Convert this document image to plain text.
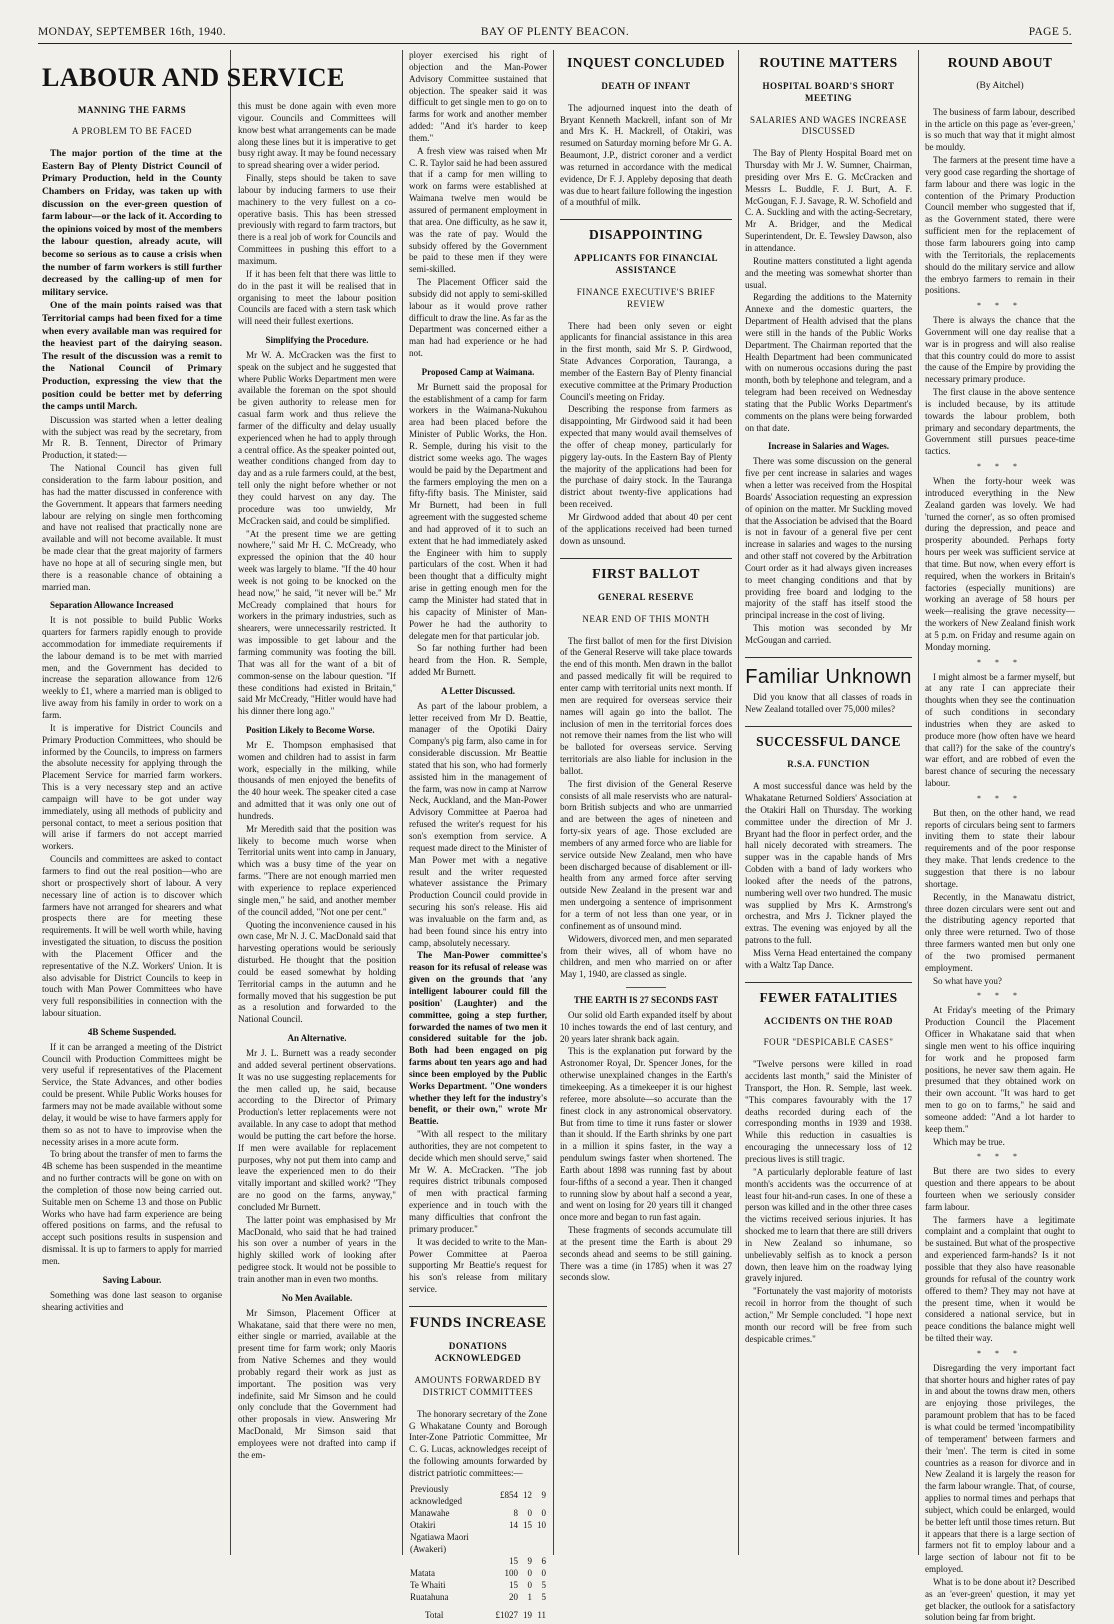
MONDAY, SEPTEMBER 16th, 1940.	BAY OF PLENTY BEACON.	PAGE 5.
LABOUR AND SERVICE
MANNING THE FARMS
A PROBLEM TO BE FACED

The major portion of the time at the Eastern Bay of Plenty District Council of Primary Production, held in the County Chambers on Friday, was taken up with discussion on the ever-green question of farm labour—or the lack of it. According to the opinions voiced by most of the members the labour question, already acute, will become so serious as to cause a crisis when the number of farm workers is still further decreased by the calling-up of men for military service.

One of the main points raised was that Territorial camps had been fixed for a time when every available man was required for the heaviest part of the dairying season. The result of the discussion was a remit to the National Council of Primary Production, expressing the view that the position could be better met by deferring the camps until March.

Discussion was started when a letter dealing with the subject was read by the secretary, from Mr R. B. Tennent, Director of Primary Production, it stated:—

The National Council has given full consideration to the farm labour position, and has had the matter discussed in conference with the Government. It appears that farmers needing labour are relying on single men forthcoming and have not realised that practically none are available and will not become available. It must be made clear that the great majority of farmers have no hope at all of securing single men, but there is a reasonable chance of obtaining a married man.

Separation Allowance Increased

It is not possible to build Public Works quarters for farmers rapidly enough to provide accommodation for immediate requirements if the labour demand is to be met with married men, and the Government has decided to increase the separation allowance from 12/6 weekly to £1, where a married man is obliged to live away from his family in order to work on a farm.

It is imperative for District Councils and Primary Production Committees, who should be informed by the Councils, to impress on farmers the absolute necessity for applying through the Placement Service for married farm workers. This is a very necessary step and an active campaign will have to be got under way immediately, using all methods of publicity and personal contact, to meet a serious position that will arise if farmers do not accept married workers.

Councils and committees are asked to contact farmers to find out the real position—who are short or prospectively short of labour. A very necessary line of action is to discover which farmers have not arranged for shearers and what prospects there are for meeting these requirements. It will be well worth while, having investigated the situation, to discuss the position with the Placement Officer and the representative of the N.Z. Workers' Union. It is also advisable for District Councils to keep in touch with Man Power Committees who have very full responsibilities in connection with the labour situation.

4B Scheme Suspended.

If it can be arranged a meeting of the District Council with Production Committees might be very useful if representatives of the Placement Service, the State Advances, and other bodies could be present. While Public Works houses for farmers may not be made available without some delay, it would be wise to have farmers apply for them so as not to have to improvise when the necessity arises in a more acute form.

To bring about the transfer of men to farms the 4B scheme has been suspended in the meantime and no further contracts will be gone on with on the completion of those now being carried out. Suitable men on Scheme 13 and those on Public Works who have had farm experience are being offered positions on farms, and the refusal to accept such positions results in suspension and dismissal. It is up to farmers to apply for married men.

Saving Labour.

Something was done last season to organise shearing activities and

this must be done again with even more vigour. Councils and Committees will know best what arrangements can be made along these lines but it is imperative to get busy right away. It may be found necessary to spread shearing over a wider period.

Finally, steps should be taken to save labour by inducing farmers to use their machinery to the very fullest on a co-operative basis. This has been stressed previously with regard to farm tractors, but there is a real job of work for Councils and Committees in pushing this effort to a maximum.

If it has been felt that there was little to do in the past it will be realised that in organising to meet the labour position Councils are faced with a stern task which will need their fullest exertions.

Simplifying the Procedure.

Mr W. A. McCracken was the first to speak on the subject and he suggested that where Public Works Department men were available the foreman on the spot should be given authority to release men for casual farm work and thus relieve the farmer of the difficulty and delay usually experienced when he had to apply through a central office. As the speaker pointed out, weather conditions changed from day to day and as a rule farmers could, at the best, tell only the night before whether or not they could harvest on any day. The procedure was too unwieldy, Mr McCracken said, and could be simplified.

"At the present time we are getting nowhere," said Mr H. C. McCready, who expressed the opinion that the 40 hour week was largely to blame. "If the 40 hour week is not going to be knocked on the head now," he said, "it never will be." Mr McCready complained that hours for workers in the primary industries, such as shearers, were unnecessarily restricted. It was impossible to get labour and the farming community was footing the bill. That was all for the want of a bit of common-sense on the labour question. "If these conditions had existed in Britain," said Mr McCready, "Hitler would have had his dinner there long ago."

Position Likely to Become Worse.

Mr E. Thompson emphasised that women and children had to assist in farm work, especially in the milking, while thousands of men enjoyed the benefits of the 40 hour week. The speaker cited a case and admitted that it was only one out of hundreds.

Mr Meredith said that the position was likely to become much worse when Territorial units went into camp in January, which was a busy time of the year on farms. "There are not enough married men with experience to replace experienced single men," he said, and another member of the council added, "Not one per cent."

Quoting the inconvenience caused in his own case, Mr N. J. C. MacDonald said that harvesting operations would be seriously disturbed. He thought that the position could be eased somewhat by holding Territorial camps in the autumn and he formally moved that his suggestion be put as a resolution and forwarded to the National Council.

An Alternative.

Mr J. L. Burnett was a ready seconder and added several pertinent observations. It was no use suggesting replacements for the men called up, he said, because according to the Director of Primary Production's letter replacements were not available. In any case to adopt that method would be putting the cart before the horse. If men were available for replacement purposes, why not put them into camp and leave the experienced men to do their vitally important and skilled work? "They are no good on the farms, anyway," concluded Mr Burnett.

The latter point was emphasised by Mr MacDonald, who said that he had trained his son over a number of years in the highly skilled work of looking after pedigree stock. It would not be possible to train another man in even two months.

No Men Available.

Mr Simson, Placement Officer at Whakatane, said that there were no men, either single or married, available at the present time for farm work; only Maoris from Native Schemes and they would probably regard their work as just as important. The position was very indefinite, said Mr Simson and he could only conclude that the Government had other proposals in view. Answering Mr MacDonald, Mr Simson said that employees were not drafted into camp if the em-

ployer exercised his right of objection and the Man-Power Advisory Committee sustained that objection. The speaker said it was difficult to get single men to go on to farms for work and another member added: "And it's harder to keep them."

A fresh view was raised when Mr C. R. Taylor said he had been assured that if a camp for men willing to work on farms were established at Waimana twelve men would be assured of permanent employment in that area. One difficulty, as he saw it, was the rate of pay. Would the subsidy offered by the Government be paid to these men if they were semi-skilled.

The Placement Officer said the subsidy did not apply to semi-skilled labour as it would prove rather difficult to draw the line. As far as the Department was concerned either a man had had experience or he had not.

Proposed Camp at Waimana.

Mr Burnett said the proposal for the establishment of a camp for farm workers in the Waimana-Nukuhou area had been placed before the Minister of Public Works, the Hon. R. Semple, during his visit to the district some weeks ago. The wages would be paid by the Department and the farmers employing the men on a fifty-fifty basis. The Minister, said Mr Burnett, had been in full agreement with the suggested scheme and had approved of it to such an extent that he had immediately asked the Engineer with him to supply particulars of the cost. When it had been thought that a difficulty might arise in getting enough men for the camp the Minister had stated that in his capacity of Minister of Man-Power he had the authority to delegate men for that particular job.

So far nothing further had been heard from the Hon. R. Semple, added Mr Burnett.

A Letter Discussed.

As part of the labour problem, a letter received from Mr D. Beattie, manager of the Opotiki Dairy Company's pig farm, also came in for considerable discussion. Mr Beattie stated that his son, who had formerly assisted him in the management of the farm, was now in camp at Narrow Neck, Auckland, and the Man-Power Advisory Committee at Paeroa had refused the writer's request for his son's exemption from service. A request made direct to the Minister of Man Power met with a negative result and the writer requested whatever assistance the Primary Production Council could provide in securing his son's release. His aid was invaluable on the farm and, as had been found since his entry into camp, absolutely necessary.

The Man-Power committee's reason for its refusal of release was given on the grounds that 'any intelligent labourer could fill the position' (Laughter) and the committee, going a step further, forwarded the names of two men it considered suitable for the job. Both had been engaged on pig farms about ten years ago and had since been employed by the Public Works Department. "One wonders whether they left for the industry's benefit, or their own," wrote Mr Beattie.

"With all respect to the military authorities, they are not competent to decide which men should serve," said Mr W. A. McCracken. "The job requires district tribunals composed of men with practical farming experience and in touch with the many difficulties that confront the primary producer."

It was decided to write to the Man-Power Committee at Paeroa supporting Mr Beattie's request for his son's release from military service.

FUNDS INCREASE
DONATIONS ACKNOWLEDGED
AMOUNTS FORWARDED BY DISTRICT COMMITTEES

The honorary secretary of the Zone G Whakatane County and Borough Inter-Zone Patriotic Committee, Mr C. G. Lucas, acknowledges receipt of the following amounts forwarded by district patriotic committees:—

Previously acknowledged	£854	12	9
Manawahe	8	0	0
Otakiri	14	15	10
Ngatiawa Maori (Awakeri)			
	15	9	6
Matata	100	0	0
Te Whaiti	15	0	5
Ruatahuna	20	1	5
Total	£1027	19	11
INQUEST CONCLUDED
DEATH OF INFANT

The adjourned inquest into the death of Bryant Kenneth Mackrell, infant son of Mr and Mrs K. H. Mackrell, of Otakiri, was resumed on Saturday morning before Mr G. A. Beaumont, J.P., district coroner and a verdict was returned in accordance with the medical evidence, Dr F. J. Appleby deposing that death was due to heart failure following the ingestion of a mouthful of milk.

DISAPPOINTING
APPLICANTS FOR FINANCIAL ASSISTANCE
FINANCE EXECUTIVE'S BRIEF REVIEW

There had been only seven or eight applicants for financial assistance in this area in the first month, said Mr S. P. Girdwood, State Advances Corporation, Tauranga, a member of the Eastern Bay of Plenty financial executive committee at the Primary Production Council's meeting on Friday.

Describing the response from farmers as disappointing, Mr Girdwood said it had been expected that many would avail themselves of the offer of cheap money, particularly for piggery lay-outs. In the Eastern Bay of Plenty the majority of the applications had been for the purchase of dairy stock. In the Tauranga district about twenty-five applications had been received.

Mr Girdwood added that about 40 per cent of the applications received had been turned down as unsound.

FIRST BALLOT
GENERAL RESERVE
NEAR END OF THIS MONTH

The first ballot of men for the first Division of the General Reserve will take place towards the end of this month. Men drawn in the ballot and passed medically fit will be required to enter camp with territorial units next month. If men are required for overseas service their names will again go into the ballot. The inclusion of men in the territorial forces does not remove their names from the list who will be balloted for overseas service. Serving territorials are also liable for inclusion in the ballot.

The first division of the General Reserve consists of all male reservists who are natural-born British subjects and who are unmarried and are between the ages of nineteen and forty-six years of age. Those excluded are members of any armed force who are liable for service outside New Zealand, men who have been discharged because of disablement or ill-health from any armed force after serving outside New Zealand in the present war and men undergoing a sentence of imprisonment for a term of not less than one year, or in confinement as of unsound mind.

Widowers, divorced men, and men separated from their wives, all of whom have no children, and men who married on or after May 1, 1940, are classed as single.

THE EARTH IS 27 SECONDS FAST

Our solid old Earth expanded itself by about 10 inches towards the end of last century, and 20 years later shrank back again.

This is the explanation put forward by the Astronomer Royal, Dr. Spencer Jones, for the otherwise unexplained changes in the Earth's timekeeping. As a timekeeper it is our highest referee, more absolute—so accurate than the finest clock in any astronomical observatory. But from time to time it runs faster or slower than it should. If the Earth shrinks by one part in a million it spins faster, in the way a pendulum swings faster when shortened. The Earth about 1898 was running fast by about four-fifths of a second a year. Then it changed to running slow by about half a second a year, and went on losing for 20 years till it changed once more and began to run fast again.

These fragments of seconds accumulate till at the present time the Earth is about 29 seconds ahead and seems to be still gaining. There was a time (in 1785) when it was 27 seconds slow.

ROUTINE MATTERS
HOSPITAL BOARD'S SHORT MEETING
SALARIES AND WAGES INCREASE DISCUSSED

The Bay of Plenty Hospital Board met on Thursday with Mr J. W. Sumner, Chairman, presiding over Mrs E. G. McCracken and Messrs L. Buddle, F. J. Burt, A. F. McGougan, F. J. Savage, R. W. Schofield and C. A. Suckling and with the acting-Secretary, Mr A. Bridger, and the Medical Superintendent, Dr. E. Tewsley Dawson, also in attendance.

Routine matters constituted a light agenda and the meeting was somewhat shorter than usual.

Regarding the additions to the Maternity Annexe and the domestic quarters, the Department of Health advised that the plans were still in the hands of the Public Works Department. The Chairman reported that the Health Department had been communicated with on numerous occasions during the past month, both by telephone and telegram, and a telegram had been received on Wednesday stating that the Public Works Department's comments on the plans were being forwarded on that date.

Increase in Salaries and Wages.

There was some discussion on the general five per cent increase in salaries and wages when a letter was received from the Hospital Boards' Association requesting an expression of opinion on the matter. Mr Suckling moved that the Association be advised that the Board is not in favour of a general five per cent increase in salaries and wages to the nursing and other staff not covered by the Arbitration Court order as it had always given increases to meet changing conditions and that by providing free board and lodging to the majority of the staff has itself stood the principal increase in the cost of living.

This motion was seconded by Mr McGougan and carried.

Familiar Unknown

Did you know that all classes of roads in New Zealand totalled over 75,000 miles?

SUCCESSFUL DANCE
R.S.A. FUNCTION

A most successful dance was held by the Whakatane Returned Soldiers' Association at the Otakiri Hall on Thursday. The working committee under the direction of Mr J. Bryant had the floor in perfect order, and the hall nicely decorated with streamers. The supper was in the capable hands of Mrs Cobden with a band of lady workers who looked after the needs of the patrons, numbering well over two hundred. The music was supplied by Mrs K. Armstrong's orchestra, and Mrs J. Tickner played the extras. The evening was enjoyed by all the patrons to the full.

Miss Verna Head entertained the company with a Waltz Tap Dance.

FEWER FATALITIES
ACCIDENTS ON THE ROAD
FOUR "DESPICABLE CASES"

"Twelve persons were killed in road accidents last month," said the Minister of Transport, the Hon. R. Semple, last week. "This compares favourably with the 17 deaths recorded during each of the corresponding months in 1939 and 1938. While this reduction in casualties is encouraging the unnecessary loss of 12 precious lives is still tragic.

"A particularly deplorable feature of last month's accidents was the occurrence of at least four hit-and-run cases. In one of these a person was killed and in the other three cases the victims received serious injuries. It has shocked me to learn that there are still drivers in New Zealand so inhumane, so unbelievably selfish as to knock a person down, then leave him on the roadway lying gravely injured.

"Fortunately the vast majority of motorists recoil in horror from the thought of such action," Mr Semple concluded. "I hope next month our record will be free from such despicable crimes."

ROUND ABOUT
(By Aitchel)

The business of farm labour, described in the article on this page as 'ever-green,' is so much that way that it might almost be mouldy.

The farmers at the present time have a very good case regarding the shortage of farm labour and there was logic in the contention of the Primary Production Council member who suggested that if, as the Government stated, there were sufficient men for the replacement of those farm labourers going into camp with the Territorials, the replacements should do the military service and allow the embryo farmers to remain in their positions.

* * *

There is always the chance that the Government will one day realise that a war is in progress and will also realise that this country could do more to assist the cause of the Empire by providing the necessary primary produce.

The first clause in the above sentence is included because, by its attitude towards the labour problem, both primary and secondary departments, the Government still pursues peace-time tactics.

* * *

When the forty-hour week was introduced everything in the New Zealand garden was lovely. We had 'turned the corner', as so often promised during the depression, and peace and prosperity abounded. Perhaps forty hours per week was sufficient service at that time. But now, when every effort is required, when the workers in Britain's factories (especially munitions) are working an average of 58 hours per week—realising the grave necessity—the workers of New Zealand finish work at 5 p.m. on Friday and resume again on Monday morning.

* * *

I might almost be a farmer myself, but at any rate I can appreciate their thoughts when they see the continuation of such conditions in secondary industries when they are asked to produce more (how often have we heard that call?) for the sake of the country's war effort, and are robbed of even the barest chance of securing the necessary labour.

* * *

But then, on the other hand, we read reports of circulars being sent to farmers inviting them to state their labour requirements and of the poor response they make. That lends credence to the suggestion that there is no labour shortage.

Recently, in the Manawatu district, three dozen circulars were sent out and the distributing agency reported that only three were returned. Two of those three farmers wanted men but only one of the two promised permanent employment.

So what have you?

* * *

At Friday's meeting of the Primary Production Council the Placement Officer in Whakatane said that when single men went to his office inquiring for work and he proposed farm positions, he never saw them again. He presumed that they obtained work on their own account. "It was hard to get men to go on to farms," he said and someone added: "And a lot harder to keep them."

Which may be true.

* * *

But there are two sides to every question and there appears to be about fourteen when we seriously consider farm labour.

The farmers have a legitimate complaint and a complaint that ought to be sustained. But what of the prospective and experienced farm-hands? Is it not possible that they also have reasonable grounds for refusal of the country work offered to them? They may not have at the present time, when it would be considered a national service, but in peace conditions the balance might well be tilted their way.

* * *

Disregarding the very important fact that shorter hours and higher rates of pay in and about the towns draw men, others are enjoying those privileges, the paramount problem that has to be faced is what could be termed 'incompatibility of temperament' between farmers and their 'men'. The term is cited in some countries as a reason for divorce and in New Zealand it is largely the reason for the farm labour wrangle. That, of course, applies to normal times and perhaps that subject, which could be enlarged, would be better left until those times return. But it appears that there is a large section of farmers not fit to employ labour and a large section of labour not fit to be employed.

What is to be done about it? Described as an 'ever-green' question, it may yet get blacker, the outlook for a satisfactory solution being far from bright.
